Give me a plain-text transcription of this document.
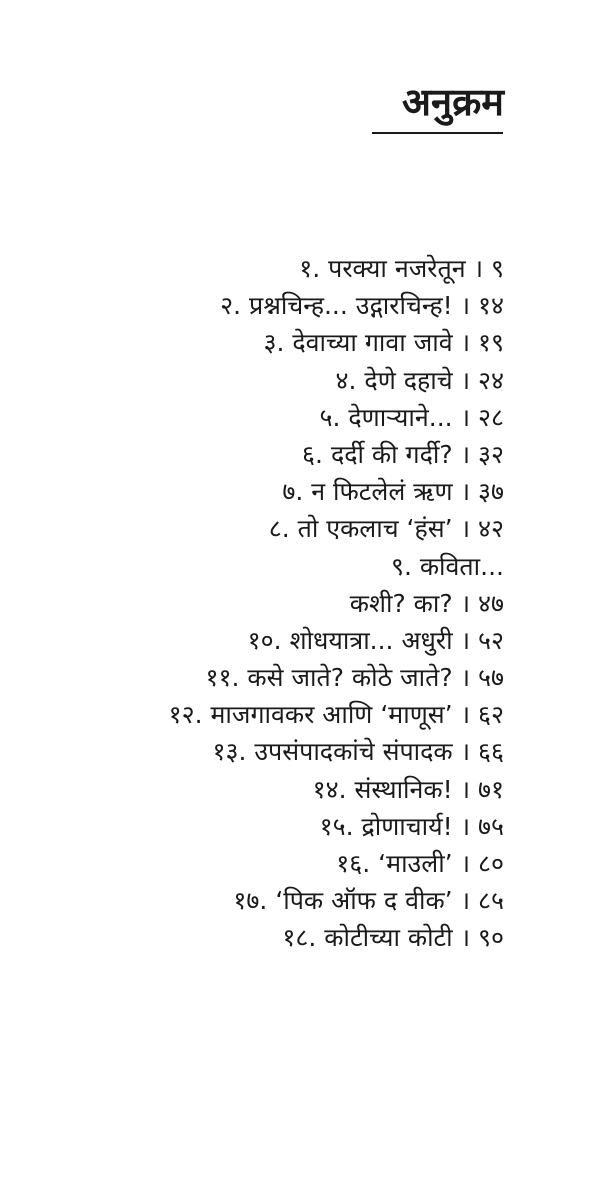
अनुक्रम
१. परक्या नजरेतून । ९
२. प्रश्नचिन्ह... उद्गारचिन्ह! । १४
३. देवाच्या गावा जावे । १९
४. देणे दहाचे । २४
५. देणाऱ्याने... । २८
६. दर्दी की गर्दी? । ३२
७. न फिटलेलं ऋण । ३७
८. तो एकलाच ‘हंस’ । ४२
९. कविता...
कशी? का? । ४७
१०. शोधयात्रा... अधुरी । ५२
११. कसे जाते? कोठे जाते? । ५७
१२. माजगावकर आणि ‘माणूस’ । ६२
१३. उपसंपादकांचे संपादक । ६६
१४. संस्थानिक! । ७१
१५. द्रोणाचार्य! । ७५
१६. ‘माउली’ । ८०
१७. ‘पिक ऑफ द वीक’ । ८५
१८. कोटीच्या कोटी । ९०
